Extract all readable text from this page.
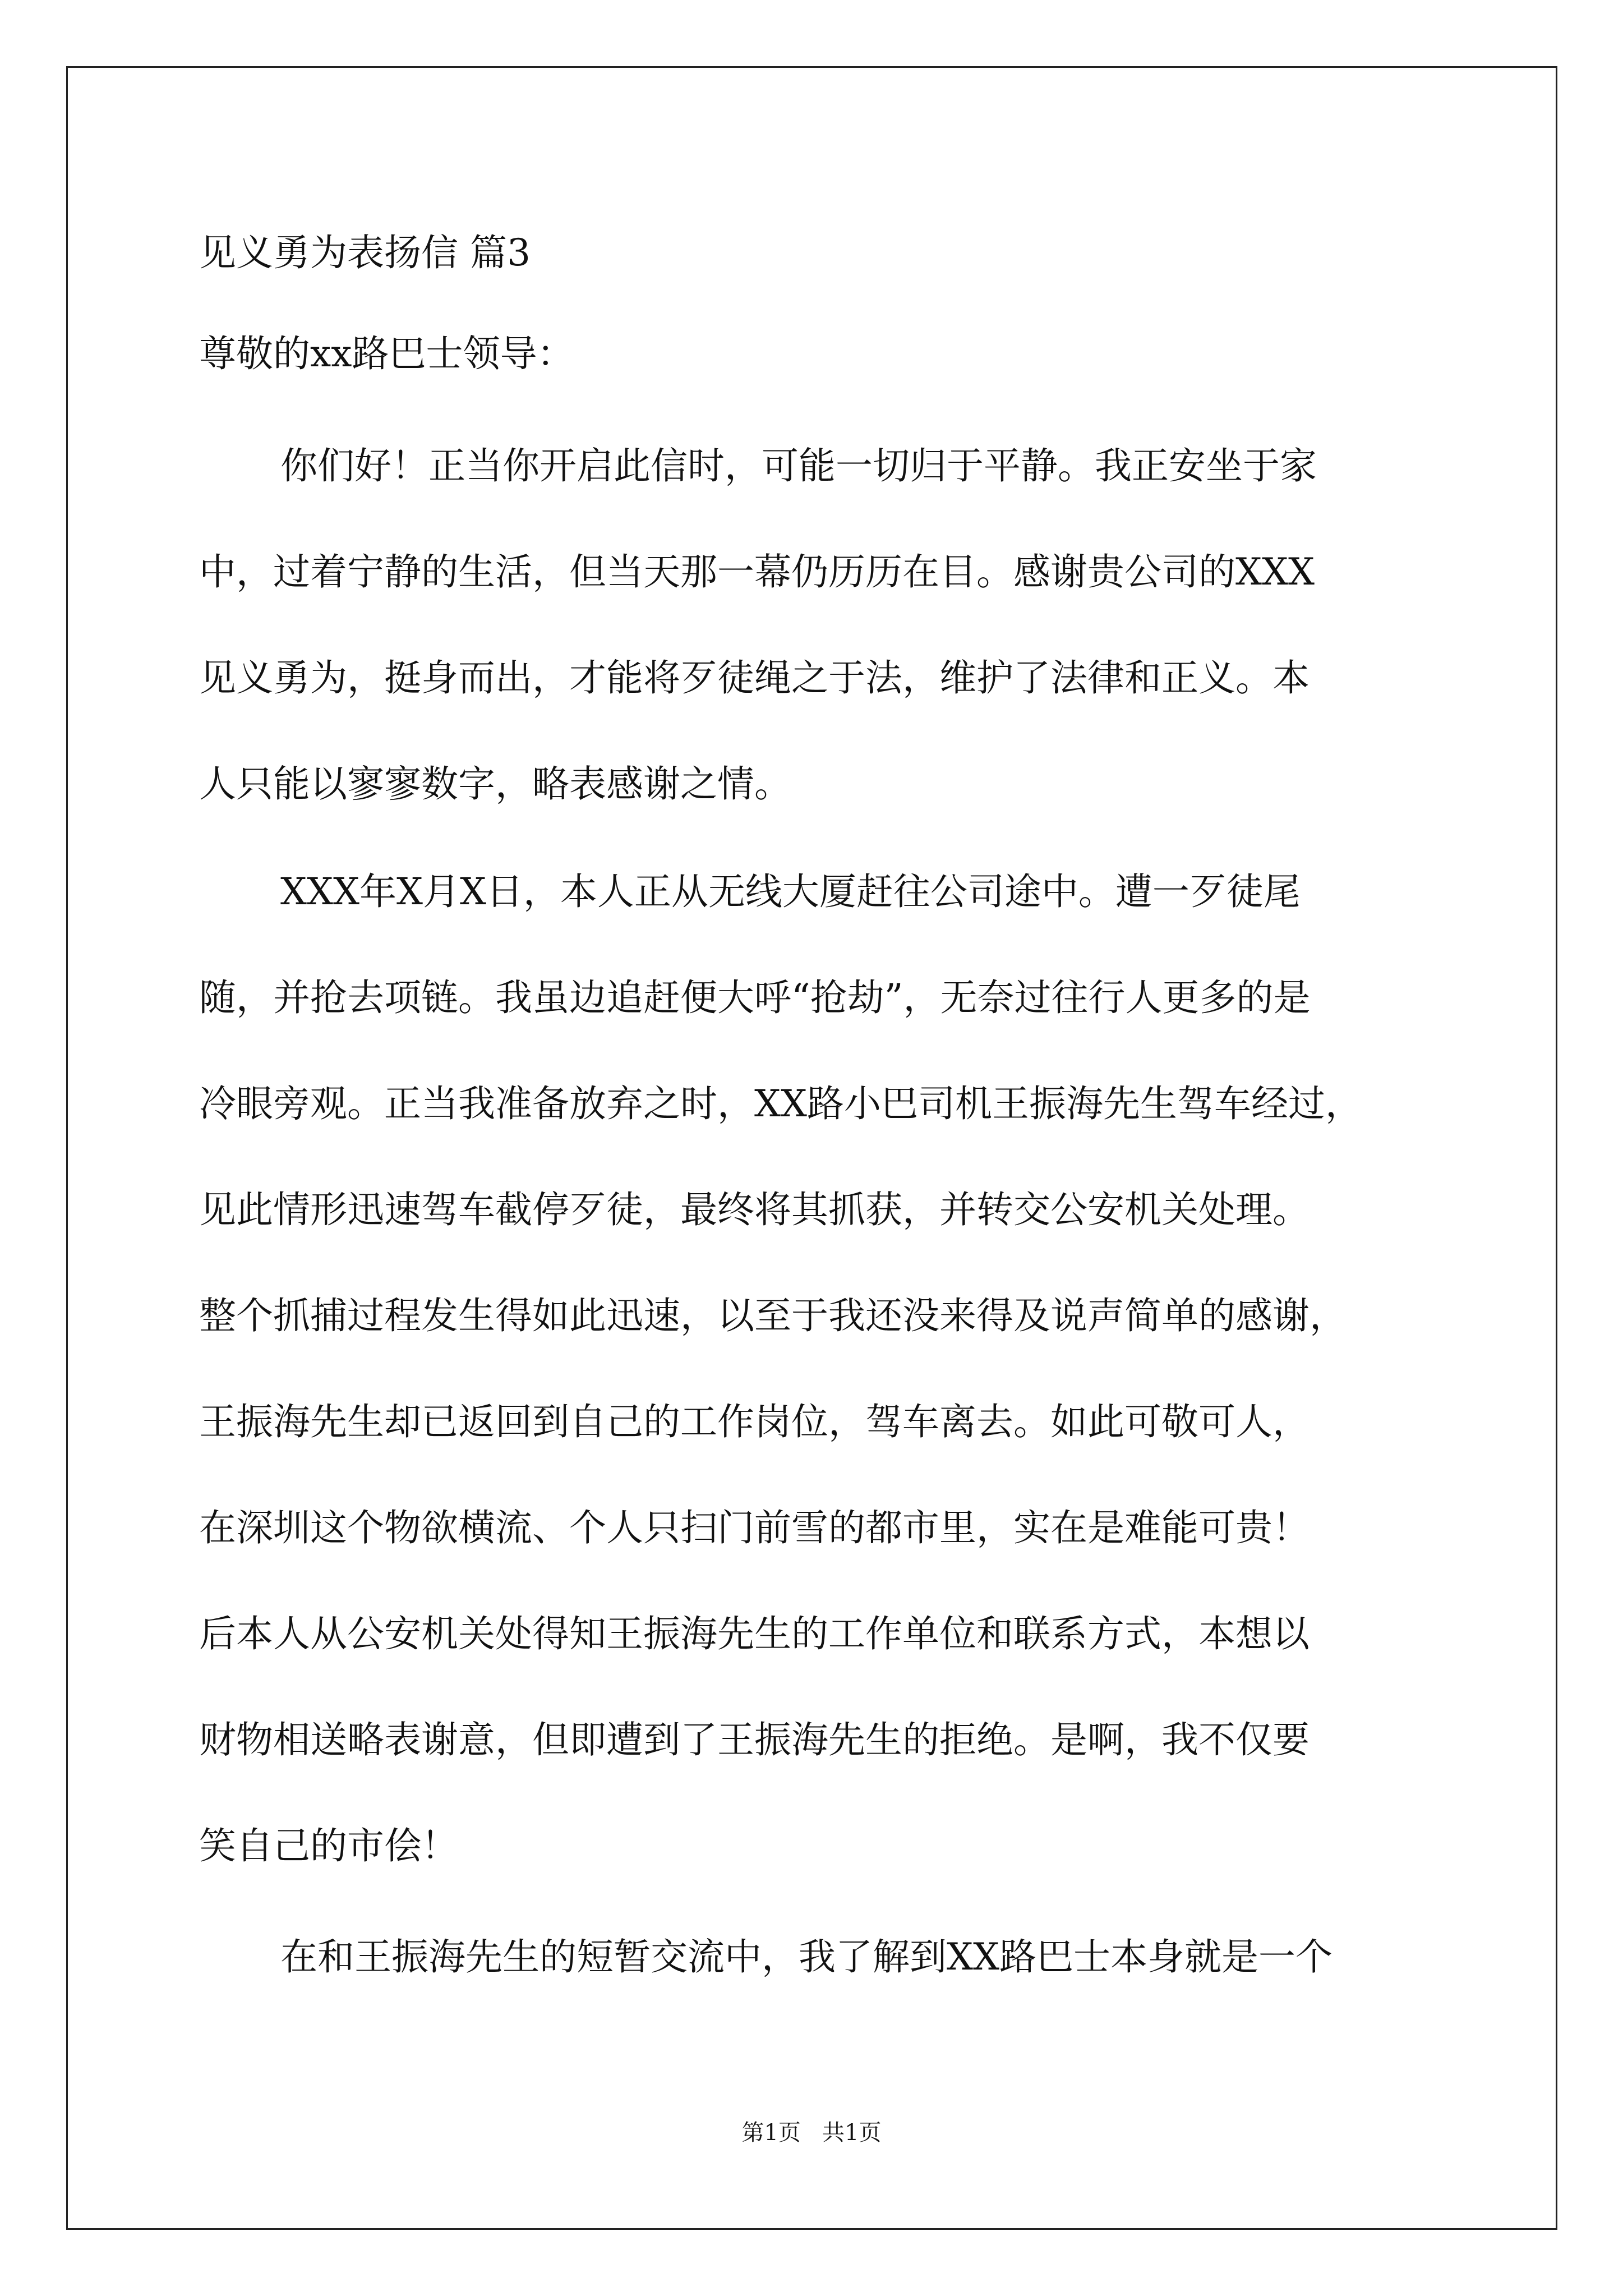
见义勇为表扬信 篇3
尊敬的xx路巴士领导：
你们好！正当你开启此信时，可能一切归于平静。我正安坐于家
中，过着宁静的生活，但当天那一幕仍历历在目。感谢贵公司的XXX
见义勇为，挺身而出，才能将歹徒绳之于法，维护了法律和正义。本
人只能以寥寥数字，略表感谢之情。
XXX年X月X日，本人正从无线大厦赶往公司途中。遭一歹徒尾
随，并抢去项链。我虽边追赶便大呼“抢劫”，无奈过往行人更多的是
冷眼旁观。正当我准备放弃之时，XX路小巴司机王振海先生驾车经过，
见此情形迅速驾车截停歹徒，最终将其抓获，并转交公安机关处理。
整个抓捕过程发生得如此迅速，以至于我还没来得及说声简单的感谢，
王振海先生却已返回到自己的工作岗位，驾车离去。如此可敬可人，
在深圳这个物欲横流、个人只扫门前雪的都市里，实在是难能可贵！
后本人从公安机关处得知王振海先生的工作单位和联系方式，本想以
财物相送略表谢意，但即遭到了王振海先生的拒绝。是啊，我不仅要
笑自己的市侩！
在和王振海先生的短暂交流中，我了解到XX路巴士本身就是一个
第1页   共1页
